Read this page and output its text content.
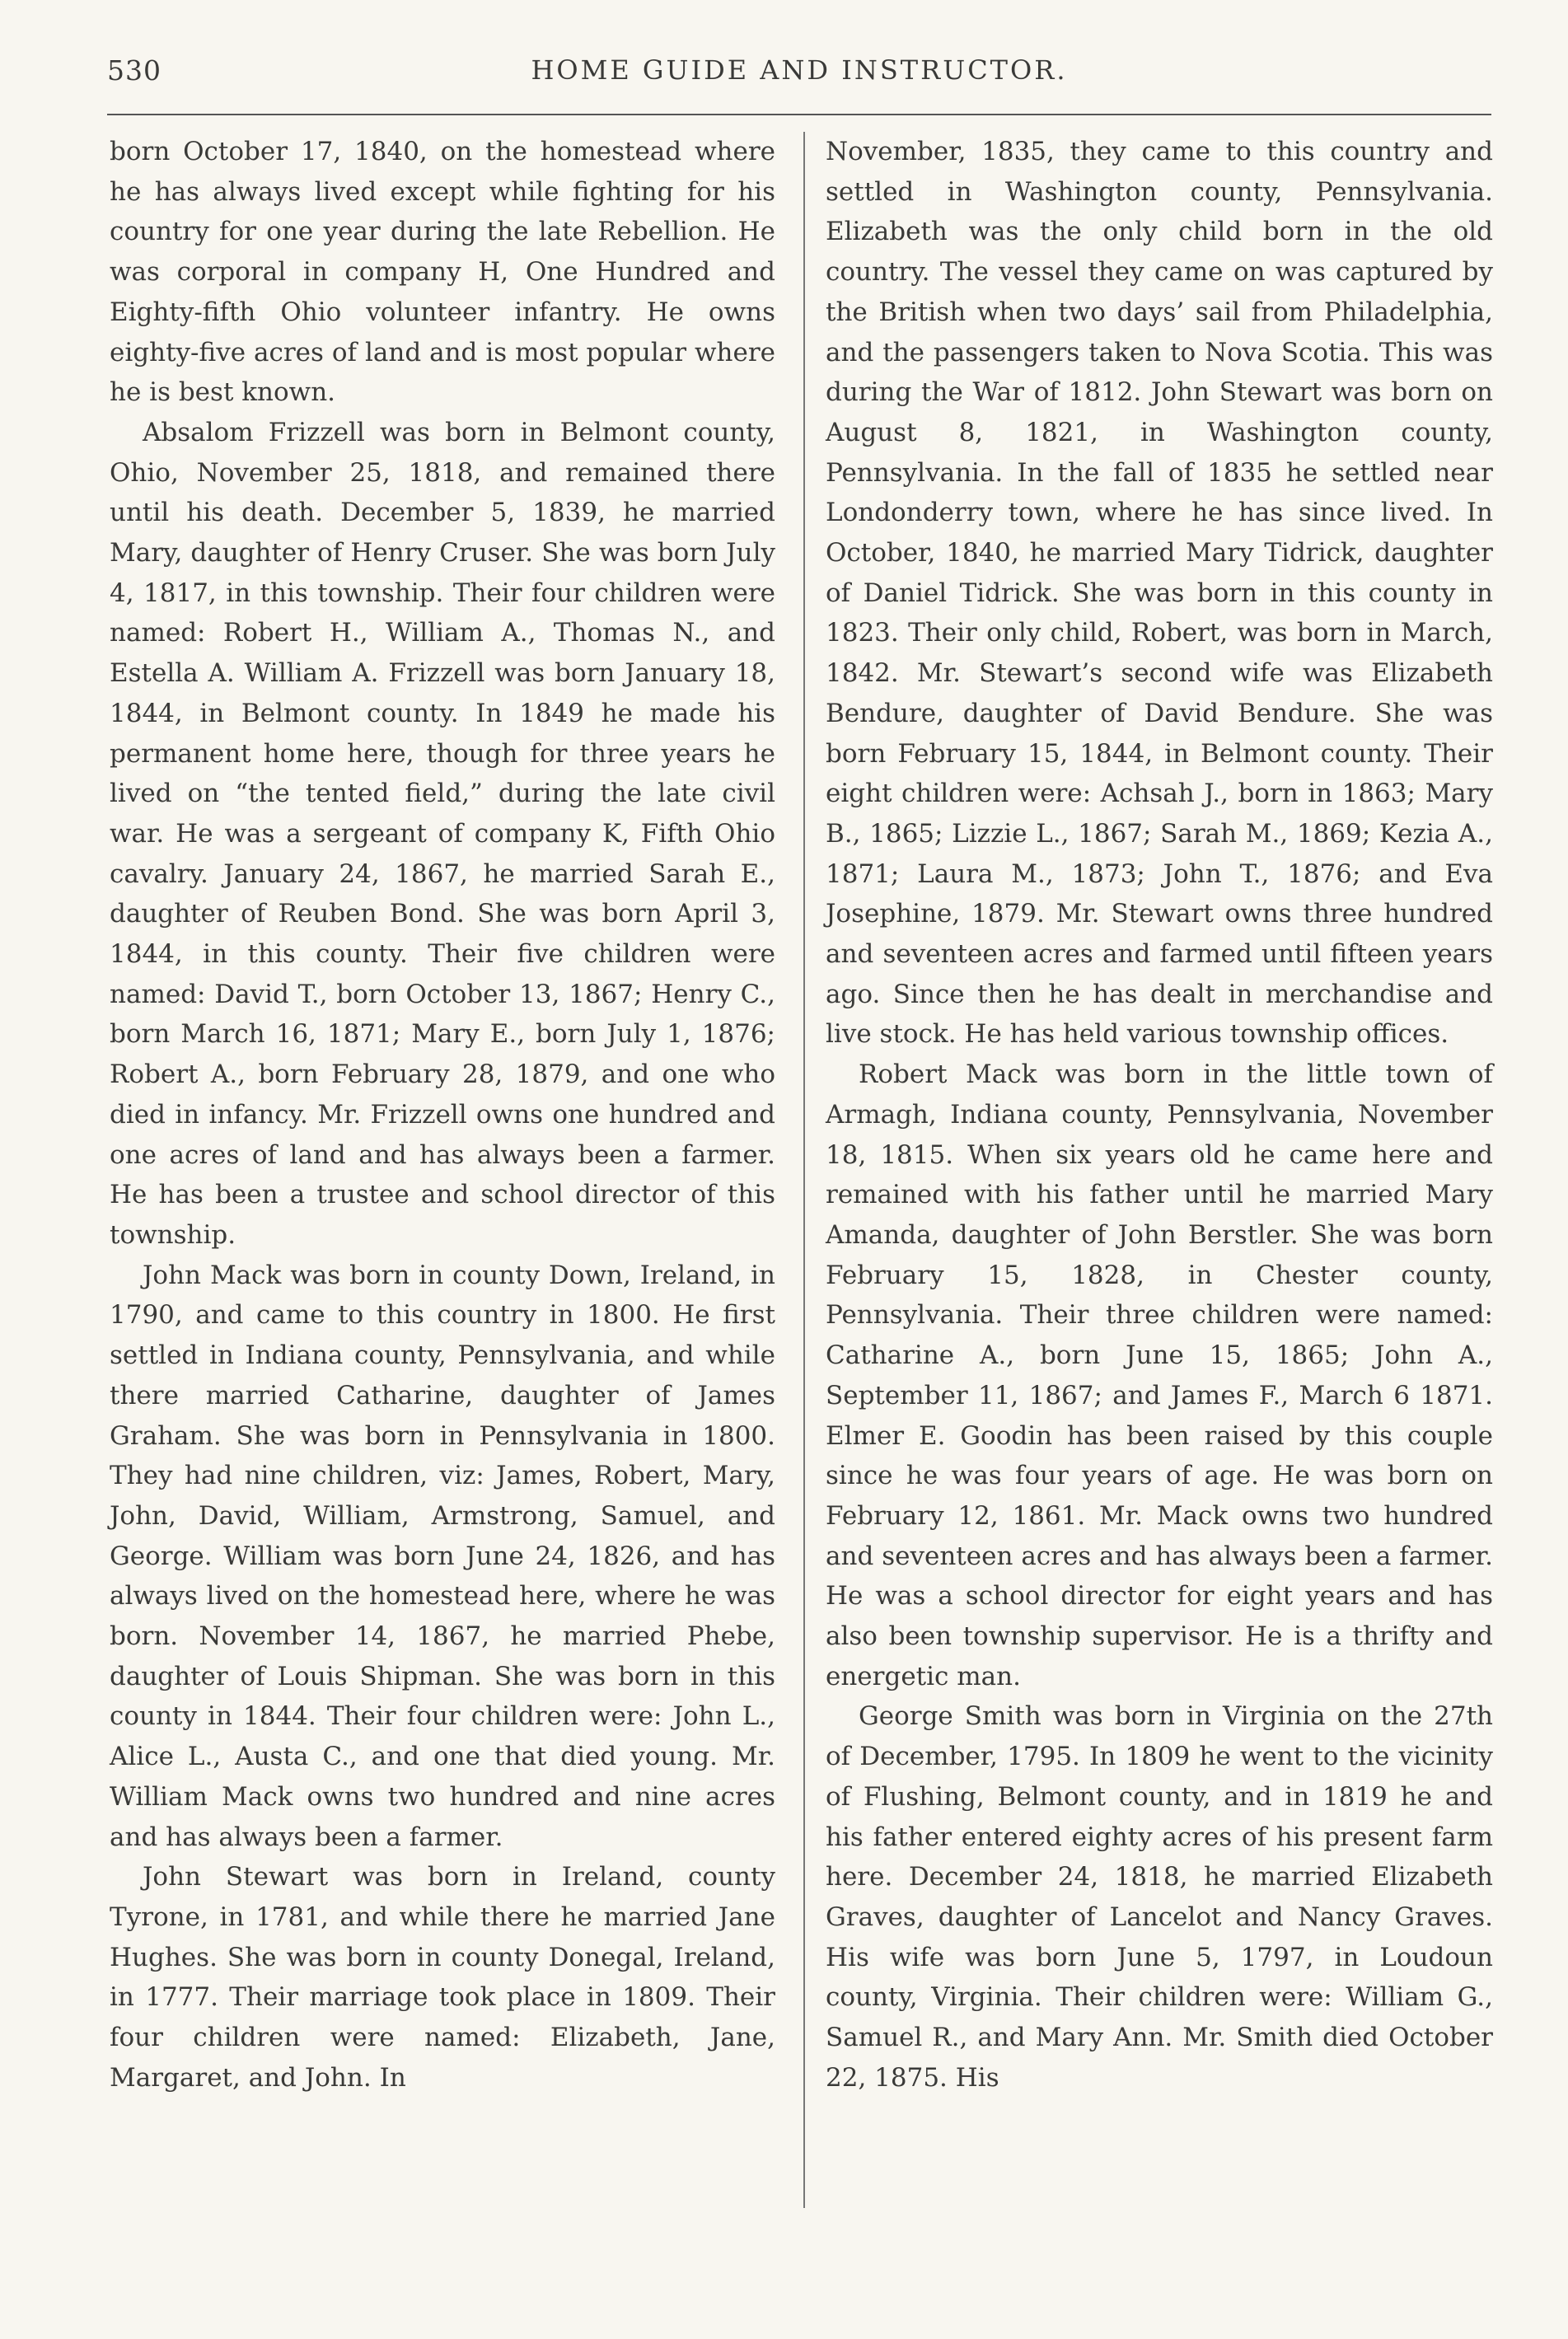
530	HOME GUIDE AND INSTRUCTOR.

born October 17, 1840, on the homestead where he has always lived except while fighting for his country for one year during the late Rebellion. He was corporal in company H, One Hundred and Eighty-fifth Ohio volunteer infantry. He owns eighty-five acres of land and is most popular where he is best known.

Absalom Frizzell was born in Belmont county, Ohio, November 25, 1818, and remained there until his death. December 5, 1839, he married Mary, daughter of Henry Cruser. She was born July 4, 1817, in this township. Their four children were named: Robert H., William A., Thomas N., and Estella A. William A. Frizzell was born January 18, 1844, in Belmont county. In 1849 he made his permanent home here, though for three years he lived on “the tented field,” during the late civil war. He was a sergeant of company K, Fifth Ohio cavalry. January 24, 1867, he married Sarah E., daughter of Reuben Bond. She was born April 3, 1844, in this county. Their five children were named: David T., born October 13, 1867; Henry C., born March 16, 1871; Mary E., born July 1, 1876; Robert A., born February 28, 1879, and one who died in infancy. Mr. Frizzell owns one hundred and one acres of land and has always been a farmer. He has been a trustee and school director of this township.

John Mack was born in county Down, Ireland, in 1790, and came to this country in 1800. He first settled in Indiana county, Pennsylvania, and while there married Catharine, daughter of James Graham. She was born in Pennsylvania in 1800. They had nine children, viz: James, Robert, Mary, John, David, William, Armstrong, Samuel, and George. William was born June 24, 1826, and has always lived on the homestead here, where he was born. November 14, 1867, he married Phebe, daughter of Louis Shipman. She was born in this county in 1844. Their four children were: John L., Alice L., Austa C., and one that died young. Mr. William Mack owns two hundred and nine acres and has always been a farmer.

John Stewart was born in Ireland, county Tyrone, in 1781, and while there he married Jane Hughes. She was born in county Donegal, Ireland, in 1777. Their marriage took place in 1809. Their four children were named: Elizabeth, Jane, Margaret, and John. In

November, 1835, they came to this country and settled in Washington county, Pennsylvania. Elizabeth was the only child born in the old country. The vessel they came on was captured by the British when two days’ sail from Philadelphia, and the passengers taken to Nova Scotia. This was during the War of 1812. John Stewart was born on August 8, 1821, in Washington county, Pennsylvania. In the fall of 1835 he settled near Londonderry town, where he has since lived. In October, 1840, he married Mary Tidrick, daughter of Daniel Tidrick. She was born in this county in 1823. Their only child, Robert, was born in March, 1842. Mr. Stewart’s second wife was Elizabeth Bendure, daughter of David Bendure. She was born February 15, 1844, in Belmont county. Their eight children were: Achsah J., born in 1863; Mary B., 1865; Lizzie L., 1867; Sarah M., 1869; Kezia A., 1871; Laura M., 1873; John T., 1876; and Eva Josephine, 1879. Mr. Stewart owns three hundred and seventeen acres and farmed until fifteen years ago. Since then he has dealt in merchandise and live stock. He has held various township offices.

Robert Mack was born in the little town of Armagh, Indiana county, Pennsylvania, November 18, 1815. When six years old he came here and remained with his father until he married Mary Amanda, daughter of John Berstler. She was born February 15, 1828, in Chester county, Pennsylvania. Their three children were named: Catharine A., born June 15, 1865; John A., September 11, 1867; and James F., March 6 1871. Elmer E. Goodin has been raised by this couple since he was four years of age. He was born on February 12, 1861. Mr. Mack owns two hundred and seventeen acres and has always been a farmer. He was a school director for eight years and has also been township supervisor. He is a thrifty and energetic man.

George Smith was born in Virginia on the 27th of December, 1795. In 1809 he went to the vicinity of Flushing, Belmont county, and in 1819 he and his father entered eighty acres of his present farm here. December 24, 1818, he married Elizabeth Graves, daughter of Lancelot and Nancy Graves. His wife was born June 5, 1797, in Loudoun county, Virginia. Their children were: William G., Samuel R., and Mary Ann. Mr. Smith died October 22, 1875. His
